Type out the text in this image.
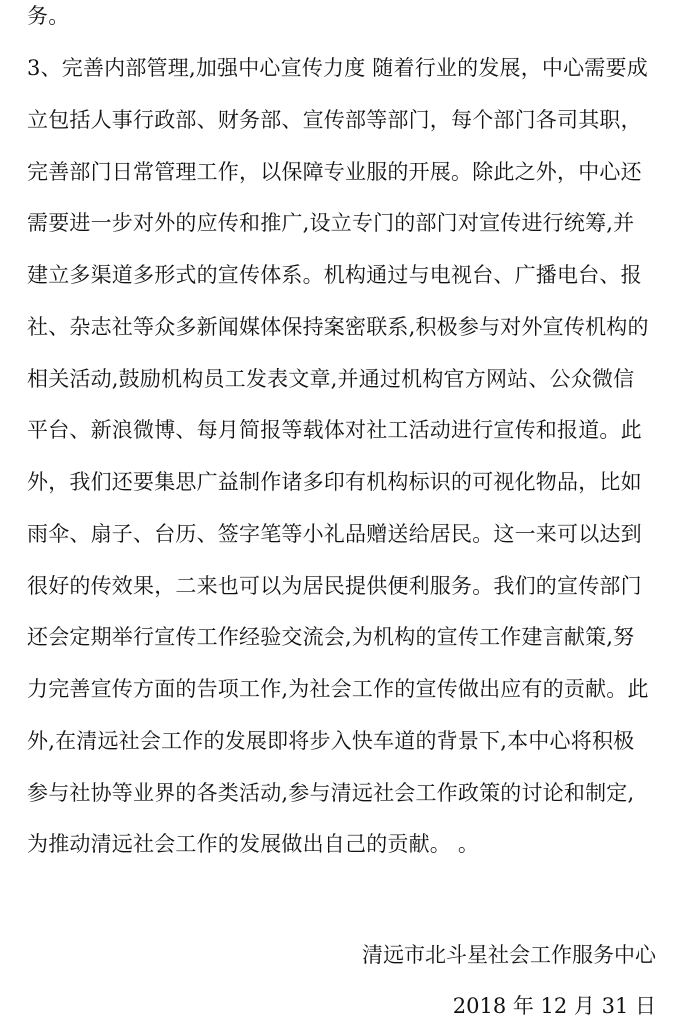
务。
3、完善内部管理,加强中心宣传力度 随着行业的发展，中心需要成
立包括人事行政部、财务部、宣传部等部门，每个部门各司其职，
完善部门日常管理工作，以保障专业服的开展。除此之外，中心还
需要进一步对外的应传和推广,设立专门的部门对宣传进行统筹,并
建立多渠道多形式的宣传体系。机构通过与电视台、广播电台、报
社、杂志社等众多新闻媒体保持案密联系,积极参与对外宣传机构的
相关活动,鼓励机构员工发表文章,并通过机构官方网站、公众微信
平台、新浪微博、每月简报等载体对社工活动进行宣传和报道。此
外，我们还要集思广益制作诸多印有机构标识的可视化物品，比如
雨伞、扇子、台历、签字笔等小礼品赠送给居民。这一来可以达到
很好的传效果，二来也可以为居民提供便利服务。我们的宣传部门
还会定期举行宣传工作经验交流会,为机构的宣传工作建言献策,努
力完善宣传方面的告项工作,为社会工作的宣传做出应有的贡献。此
外,在清远社会工作的发展即将步入快车道的背景下,本中心将积极
参与社协等业界的各类活动,参与清远社会工作政策的讨论和制定,
为推动清远社会工作的发展做出自己的贡献。 。
清远市北斗星社会工作服务中心
2018 年 12 月 31 日
